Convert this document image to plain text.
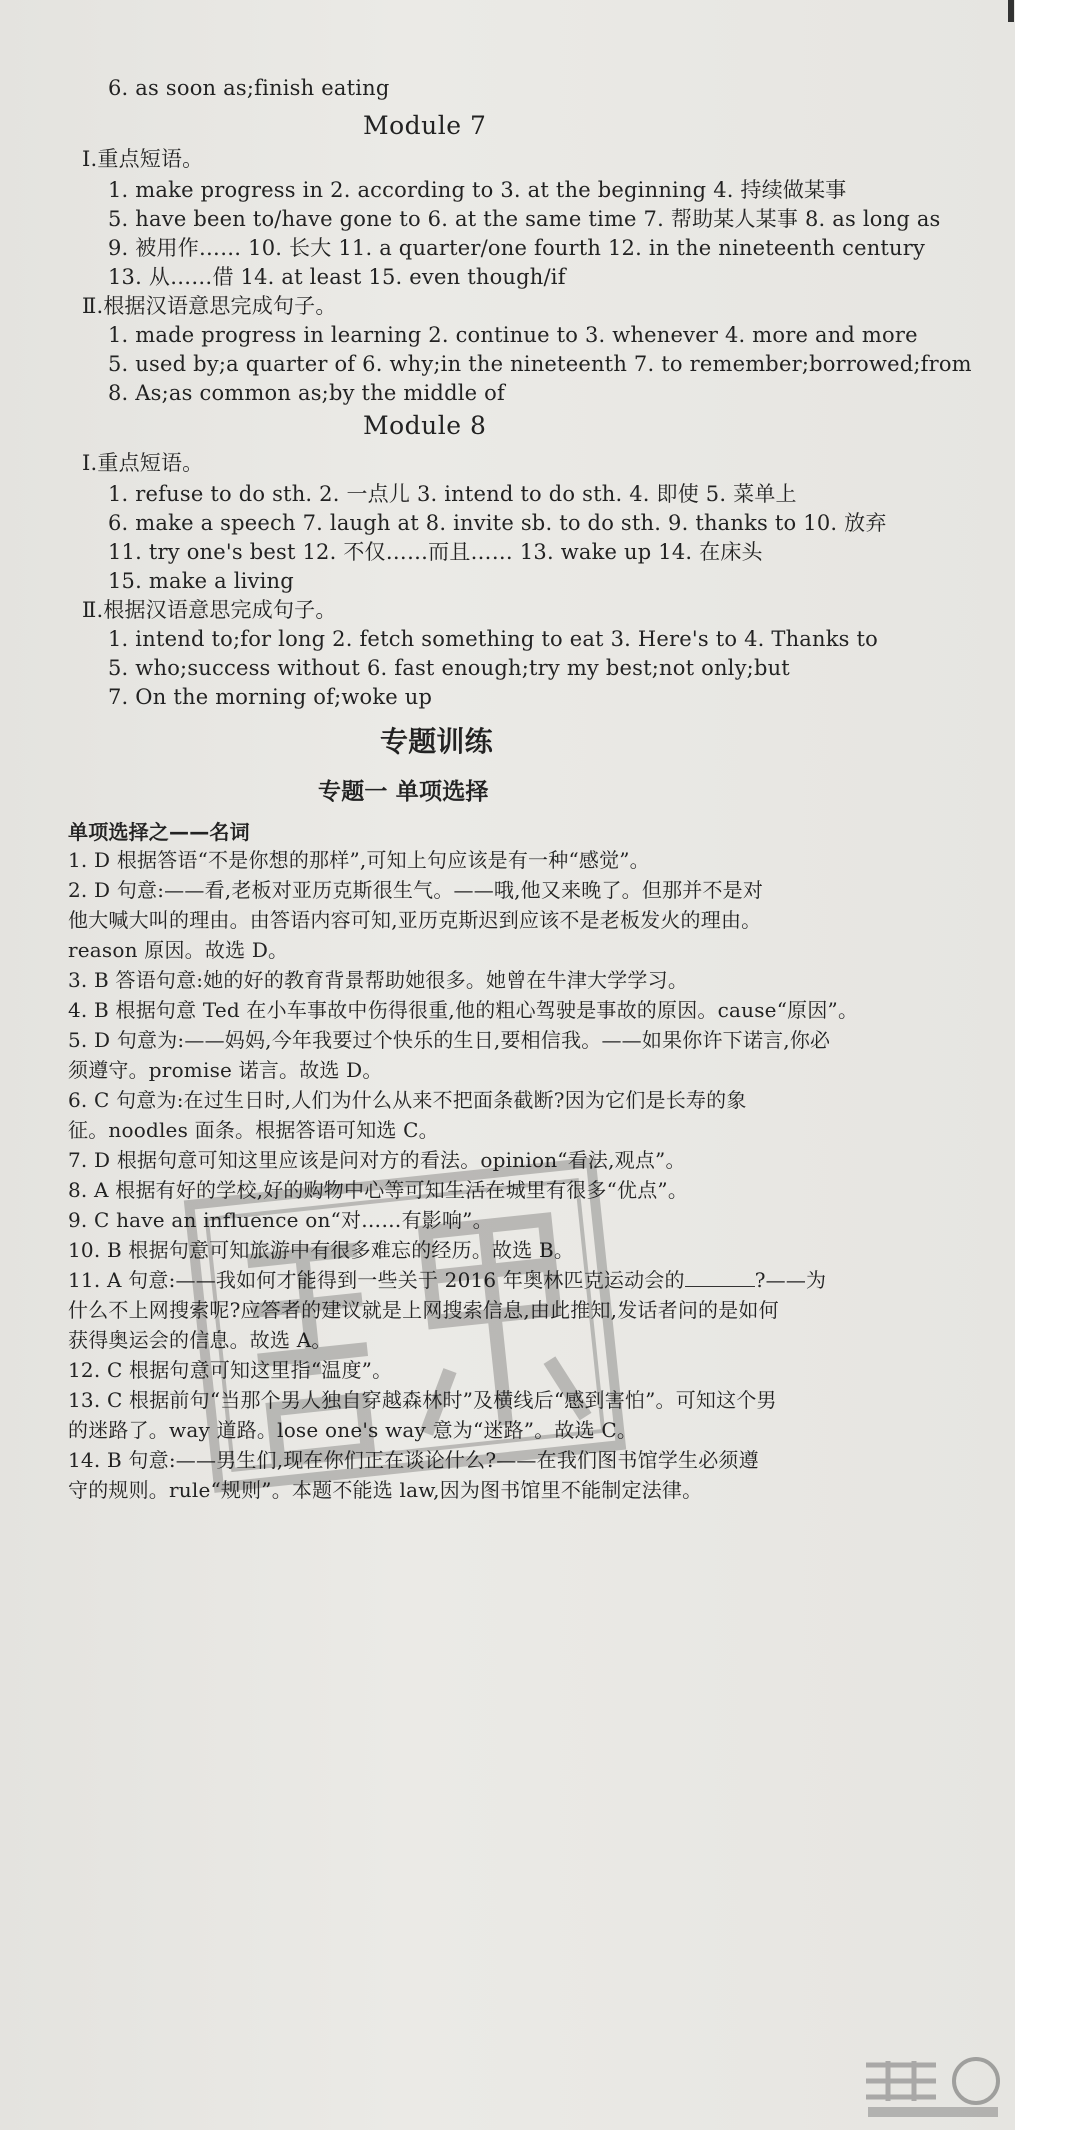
6. as soon as;finish eating
Module 7
Ⅰ.重点短语。
1. make progress in 2. according to 3. at the beginning 4. 持续做某事
5. have been to/have gone to 6. at the same time 7. 帮助某人某事 8. as long as
9. 被用作…… 10. 长大 11. a quarter/one fourth 12. in the nineteenth century
13. 从……借 14. at least 15. even though/if
Ⅱ.根据汉语意思完成句子。
1. made progress in learning 2. continue to 3. whenever 4. more and more
5. used by;a quarter of 6. why;in the nineteenth 7. to remember;borrowed;from
8. As;as common as;by the middle of
Module 8
Ⅰ.重点短语。
1. refuse to do sth. 2. 一点儿 3. intend to do sth. 4. 即使 5. 菜单上
6. make a speech 7. laugh at 8. invite sb. to do sth. 9. thanks to 10. 放弃
11. try one's best 12. 不仅……而且…… 13. wake up 14. 在床头
15. make a living
Ⅱ.根据汉语意思完成句子。
1. intend to;for long 2. fetch something to eat 3. Here's to 4. Thanks to
5. who;success without 6. fast enough;try my best;not only;but
7. On the morning of;woke up
专题训练
专题一 单项选择
单项选择之——名词
1. D 根据答语“不是你想的那样”,可知上句应该是有一种“感觉”。
2. D 句意:——看,老板对亚历克斯很生气。——哦,他又来晚了。但那并不是对
他大喊大叫的理由。由答语内容可知,亚历克斯迟到应该不是老板发火的理由。
reason 原因。故选 D。
3. B 答语句意:她的好的教育背景帮助她很多。她曾在牛津大学学习。
4. B 根据句意 Ted 在小车事故中伤得很重,他的粗心驾驶是事故的原因。cause“原因”。
5. D 句意为:——妈妈,今年我要过个快乐的生日,要相信我。——如果你许下诺言,你必
须遵守。promise 诺言。故选 D。
6. C 句意为:在过生日时,人们为什么从来不把面条截断?因为它们是长寿的象
征。noodles 面条。根据答语可知选 C。
7. D 根据句意可知这里应该是问对方的看法。opinion“看法,观点”。
8. A 根据有好的学校,好的购物中心等可知生活在城里有很多“优点”。
9. C have an influence on“对……有影响”。
10. B 根据句意可知旅游中有很多难忘的经历。故选 B。
11. A 句意:——我如何才能得到一些关于 2016 年奥林匹克运动会的	?——为
什么不上网搜索呢?应答者的建议就是上网搜索信息,由此推知,发话者问的是如何
获得奥运会的信息。故选 A。
12. C 根据句意可知这里指“温度”。
13. C 根据前句“当那个男人独自穿越森林时”及横线后“感到害怕”。可知这个男
的迷路了。way 道路。lose one's way 意为“迷路”。故选 C。
14. B 句意:——男生们,现在你们正在谈论什么?——在我们图书馆学生必须遵
守的规则。rule“规则”。本题不能选 law,因为图书馆里不能制定法律。
